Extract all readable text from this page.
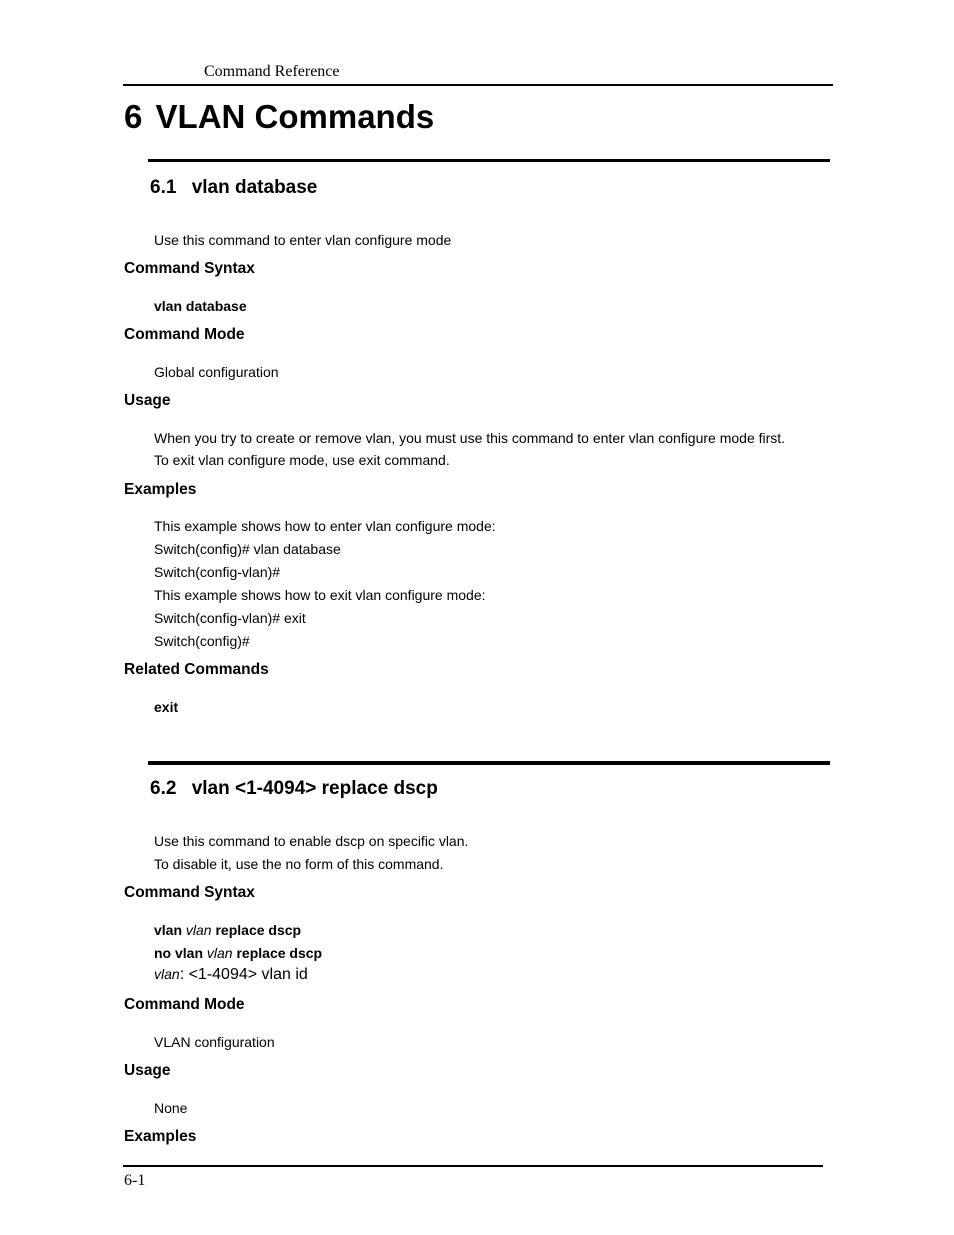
Command Reference
6 VLAN Commands
6.1 vlan database
Use this command to enter vlan configure mode
Command Syntax
vlan database
Command Mode
Global configuration
Usage
When you try to create or remove vlan, you must use this command to enter vlan configure mode first.
To exit vlan configure mode, use exit command.
Examples
This example shows how to enter vlan configure mode:
Switch(config)# vlan database
Switch(config-vlan)#
This example shows how to exit vlan configure mode:
Switch(config-vlan)# exit
Switch(config)#
Related Commands
exit
6.2 vlan <1-4094> replace dscp
Use this command to enable dscp on specific vlan.
To disable it, use the no form of this command.
Command Syntax
vlan vlan replace dscp
no vlan vlan replace dscp
vlan: <1-4094> vlan id
Command Mode
VLAN configuration
Usage
None
Examples
6-1
